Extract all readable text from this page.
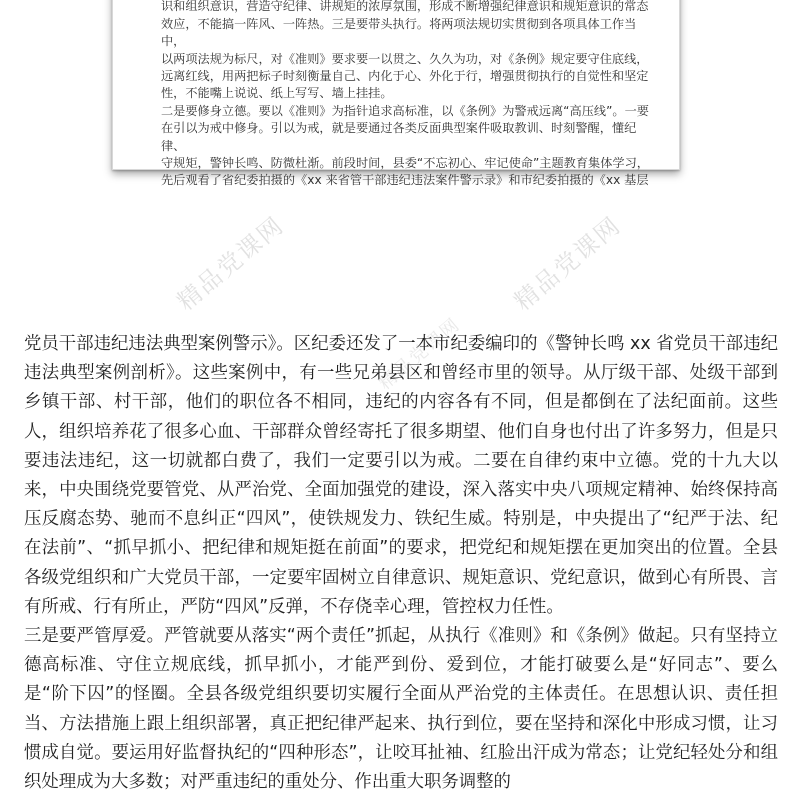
识和组织意识，营造守纪律、讲规矩的浓厚氛围，形成不断增强纪律意识和规矩意识的常态

效应，不能搞一阵风、一阵热。三是要带头执行。将两项法规切实贯彻到各项具体工作当中，

以两项法规为标尺，对《准则》要求要一以贯之、久久为功，对《条例》规定要守住底线，

远离红线，用两把标子时刻衡量自己、内化于心、外化于行，增强贯彻执行的自觉性和坚定

性，不能嘴上说说、纸上写写、墙上挂挂。

二是要修身立德。要以《准则》为指针追求高标准，以《条例》为警戒远离“高压线”。一要

在引以为戒中修身。引以为戒，就是要通过各类反面典型案件吸取教训、时刻警醒，懂纪律、

守规矩，警钟长鸣、防微杜渐。前段时间，县委“不忘初心、牢记使命”主题教育集体学习，

先后观看了省纪委拍摄的《xx 来省管干部违纪违法案件警示录》和市纪委拍摄的《xx 基层

精品党课网	精品党课网
精品党课网

党员干部违纪违法典型案例警示》。区纪委还发了一本市纪委编印的《警钟长鸣 xx 省党员干部违纪违法典型案例剖析》。这些案例中，有一些兄弟县区和曾经市里的领导。从厅级干部、处级干部到乡镇干部、村干部，他们的职位各不相同，违纪的内容各有不同，但是都倒在了法纪面前。这些人，组织培养花了很多心血、干部群众曾经寄托了很多期望、他们自身也付出了许多努力，但是只要违法违纪，这一切就都白费了，我们一定要引以为戒。二要在自律约束中立德。党的十九大以来，中央围绕党要管党、从严治党、全面加强党的建设，深入落实中央八项规定精神、始终保持高压反腐态势、驰而不息纠正“四风”，使铁规发力、铁纪生威。特别是，中央提出了“纪严于法、纪在法前”、“抓早抓小、把纪律和规矩挺在前面”的要求，把党纪和规矩摆在更加突出的位置。全县各级党组织和广大党员干部，一定要牢固树立自律意识、规矩意识、党纪意识，做到心有所畏、言有所戒、行有所止，严防“四风”反弹，不存侥幸心理，管控权力任性。

三是要严管厚爱。严管就要从落实“两个责任”抓起，从执行《准则》和《条例》做起。只有坚持立德高标准、守住立规底线，抓早抓小，才能严到份、爱到位，才能打破要么是“好同志”、要么是“阶下囚”的怪圈。全县各级党组织要切实履行全面从严治党的主体责任。在思想认识、责任担当、方法措施上跟上组织部署，真正把纪律严起来、执行到位，要在坚持和深化中形成习惯，让习惯成自觉。要运用好监督执纪的“四种形态”，让咬耳扯袖、红脸出汗成为常态；让党纪轻处分和组织处理成为大多数；对严重违纪的重处分、作出重大职务调整的
